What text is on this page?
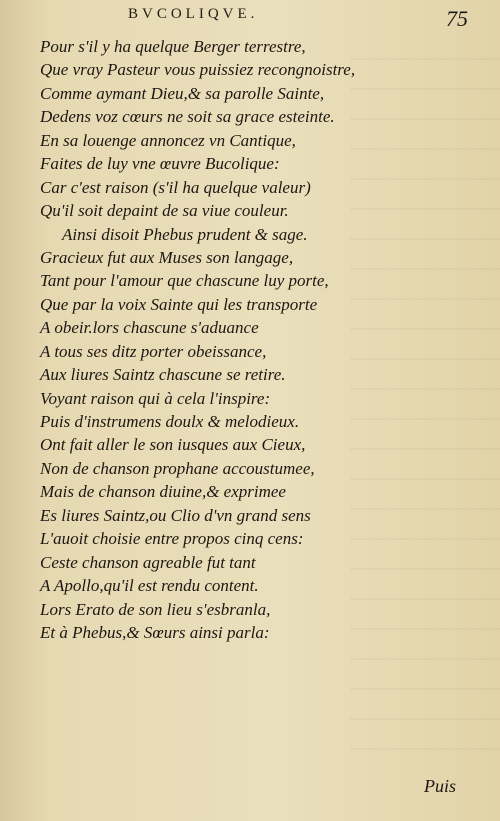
BVCOLIQVE.	75
Pour s'il y ha quelque Berger terrestre,
Que vray Pasteur vous puissiez recongnoistre,
Comme aymant Dieu,& sa parolle Sainte,
Dedens voz cœurs ne soit sa grace esteinte.
En sa louenge annoncez vn Cantique,
Faites de luy vne œuvre Bucolique:
Car c'est raison (s'il ha quelque valeur)
Qu'il soit depaint de sa viue couleur.
Ainsi disoit Phebus prudent & sage.
Gracieux fut aux Muses son langage,
Tant pour l'amour que chascune luy porte,
Que par la voix Sainte qui les transporte
A obeir.lors chascune s'aduance
A tous ses ditz porter obeissance,
Aux liures Saintz chascune se retire.
Voyant raison qui à cela l'inspire:
Puis d'instrumens doulx & melodieux.
Ont fait aller le son iusques aux Cieux,
Non de chanson prophane accoustumee,
Mais de chanson diuine,& exprimee
Es liures Saintz,ou Clio d'vn grand sens
L'auoit choisie entre propos cinq cens:
Ceste chanson agreable fut tant
A Apollo,qu'il est rendu content.
Lors Erato de son lieu s'esbranla,
Et à Phebus,& Sœurs ainsi parla:
Puis
